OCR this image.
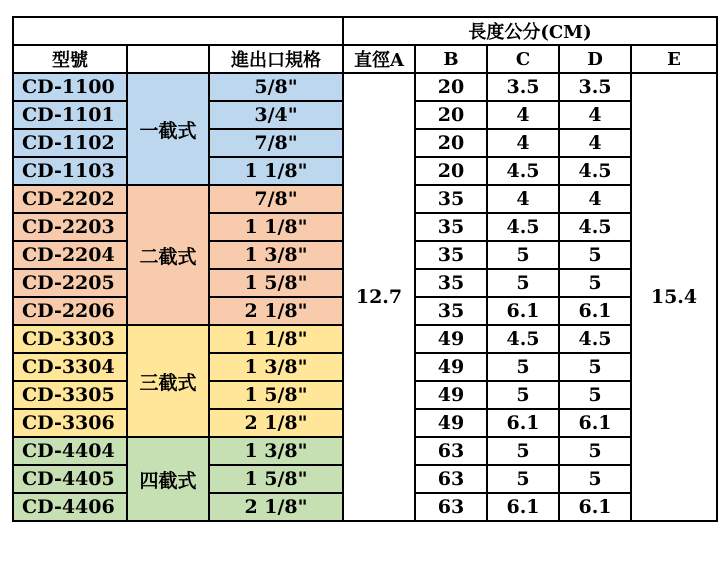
			長度公分(CM)				
型號		進出口規格	直徑A	B	C	D	E
CD-1100	一截式	5/8"	12.7	20	3.5	3.5	15.4
CD-1101		3/4"		20	4	4	
CD-1102		7/8"		20	4	4	
CD-1103		1 1/8"		20	4.5	4.5	
CD-2202	二截式	7/8"		35	4	4	
CD-2203		1 1/8"		35	4.5	4.5	
CD-2204		1 3/8"		35	5	5	
CD-2205		1 5/8"		35	5	5	
CD-2206		2 1/8"		35	6.1	6.1	
CD-3303	三截式	1 1/8"		49	4.5	4.5	
CD-3304		1 3/8"		49	5	5	
CD-3305		1 5/8"		49	5	5	
CD-3306		2 1/8"		49	6.1	6.1	
CD-4404	四截式	1 3/8"		63	5	5	
CD-4405		1 5/8"		63	5	5	
CD-4406		2 1/8"		63	6.1	6.1	
